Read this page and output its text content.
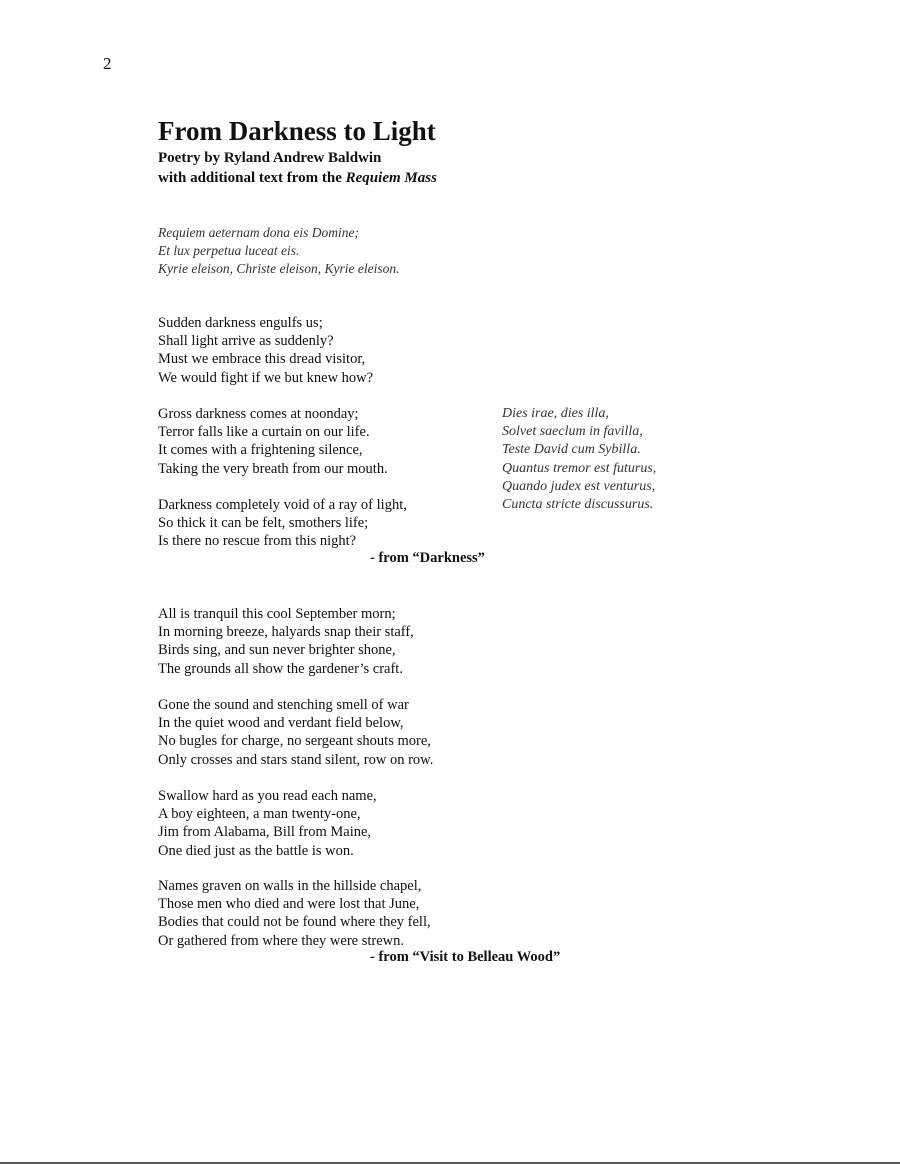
2
From Darkness to Light
Poetry by Ryland Andrew Baldwin
with additional text from the Requiem Mass
Requiem aeternam dona eis Domine;
Et lux perpetua luceat eis.
Kyrie eleison, Christe eleison, Kyrie eleison.
Sudden darkness engulfs us;
Shall light arrive as suddenly?
Must we embrace this dread visitor,
We would fight if we but knew how?
Gross darkness comes at noonday;
Terror falls like a curtain on our life.
It comes with a frightening silence,
Taking the very breath from our mouth.
Darkness completely void of a ray of light,
So thick it can be felt, smothers life;
Is there no rescue from this night?
- from “Darkness”
Dies irae, dies illa,
Solvet saeclum in favilla,
Teste David cum Sybilla.
Quantus tremor est futurus,
Quando judex est venturus,
Cuncta stricte discussurus.
All is tranquil this cool September morn;
In morning breeze, halyards snap their staff,
Birds sing, and sun never brighter shone,
The grounds all show the gardener’s craft.
Gone the sound and stenching smell of war
In the quiet wood and verdant field below,
No bugles for charge, no sergeant shouts more,
Only crosses and stars stand silent, row on row.
Swallow hard as you read each name,
A boy eighteen, a man twenty-one,
Jim from Alabama, Bill from Maine,
One died just as the battle is won.
Names graven on walls in the hillside chapel,
Those men who died and were lost that June,
Bodies that could not be found where they fell,
Or gathered from where they were strewn.
- from “Visit to Belleau Wood”
